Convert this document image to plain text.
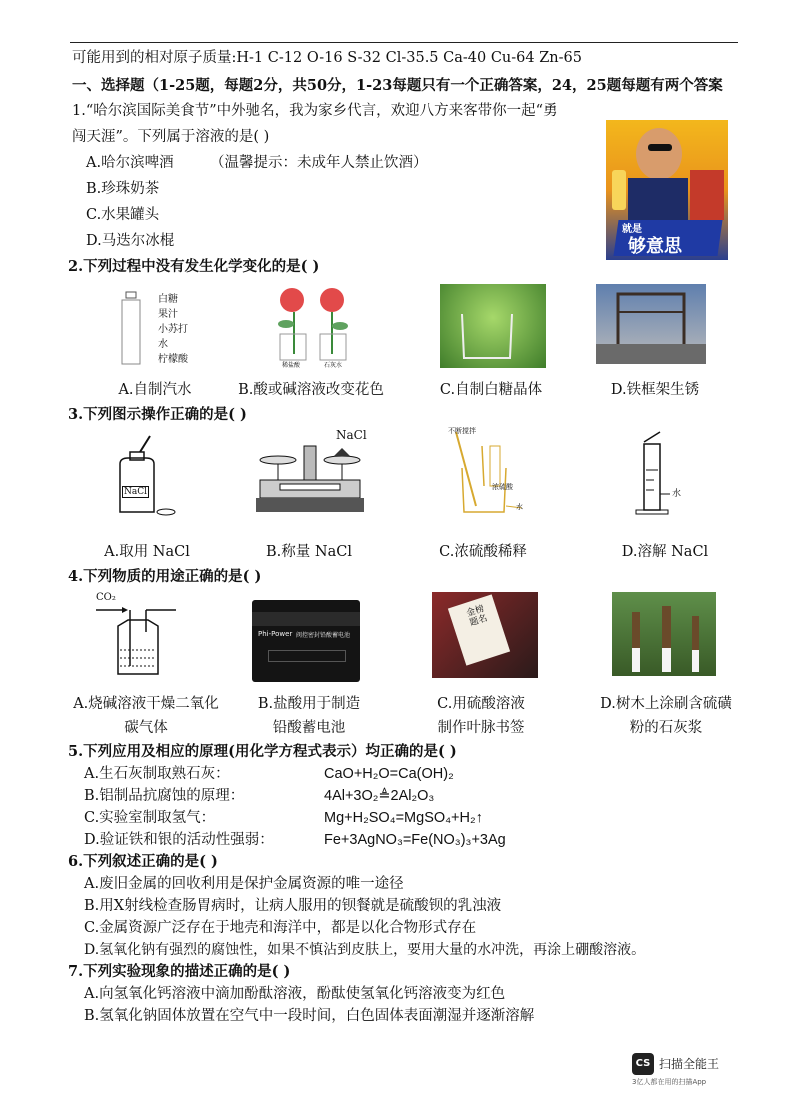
可能用到的相对原子质量:H-1 C-12 O-16 S-32 Cl-35.5 Ca-40 Cu-64 Zn-65
一、选择题（1-25题，每题2分，共50分，1-23每题只有一个正确答案，24，25题每题有两个答案
1.“哈尔滨国际美食节”中外驰名，我为家乡代言，欢迎八方来客带你一起“勇
闯天涯”。下列属于溶液的是( )
A.哈尔滨啤酒	（温馨提示：未成年人禁止饮酒）
B.珍珠奶茶
C.水果罐头
D.马迭尔冰棍
就是
够意思
2.下列过程中没有发生化学变化的是( )
白糖
果汁
小苏打
水
柠檬酸
稀盐酸	石灰水
A.自制汽水	B.酸或碱溶液改变花色	C.自制白糖晶体	D.铁框架生锈
3.下列图示操作正确的是( )
NaCl
NaCl	不断搅拌
浓硫酸
水
水
A.取用 NaCl	B.称量 NaCl	C.浓硫酸稀释	D.溶解 NaCl
4.下列物质的用途正确的是( )
CO₂
Phi-Power 阀控密封铅酸蓄电池
金榜题名
A.烧碱溶液干燥二氧化
碳气体
B.盐酸用于制造
铅酸蓄电池
C.用硫酸溶液
制作叶脉书签
D.树木上涂刷含硫磺
粉的石灰浆
5.下列应用及相应的原理(用化学方程式表示）均正确的是( )
A.生石灰制取熟石灰：	CaO+H₂O=Ca(OH)₂
B.铝制品抗腐蚀的原理：	4Al+3O₂≜2Al₂O₃
C.实验室制取氢气：	Mg+H₂SO₄=MgSO₄+H₂↑
D.验证铁和银的活动性强弱：	Fe+3AgNO₃=Fe(NO₃)₃+3Ag
6.下列叙述正确的是( )
A.废旧金属的回收利用是保护金属资源的唯一途径
B.用X射线检查肠胃病时，让病人服用的钡餐就是硫酸钡的乳浊液
C.金属资源广泛存在于地壳和海洋中，都是以化合物形式存在
D.氢氧化钠有强烈的腐蚀性，如果不慎沾到皮肤上，要用大量的水冲洗，再涂上硼酸溶液。
7.下列实验现象的描述正确的是( )
A.向氢氧化钙溶液中滴加酚酞溶液，酚酞使氢氧化钙溶液变为红色
B.氢氧化钠固体放置在空气中一段时间，白色固体表面潮湿并逐渐溶解
CS 扫描全能王
3亿人都在用的扫描App
